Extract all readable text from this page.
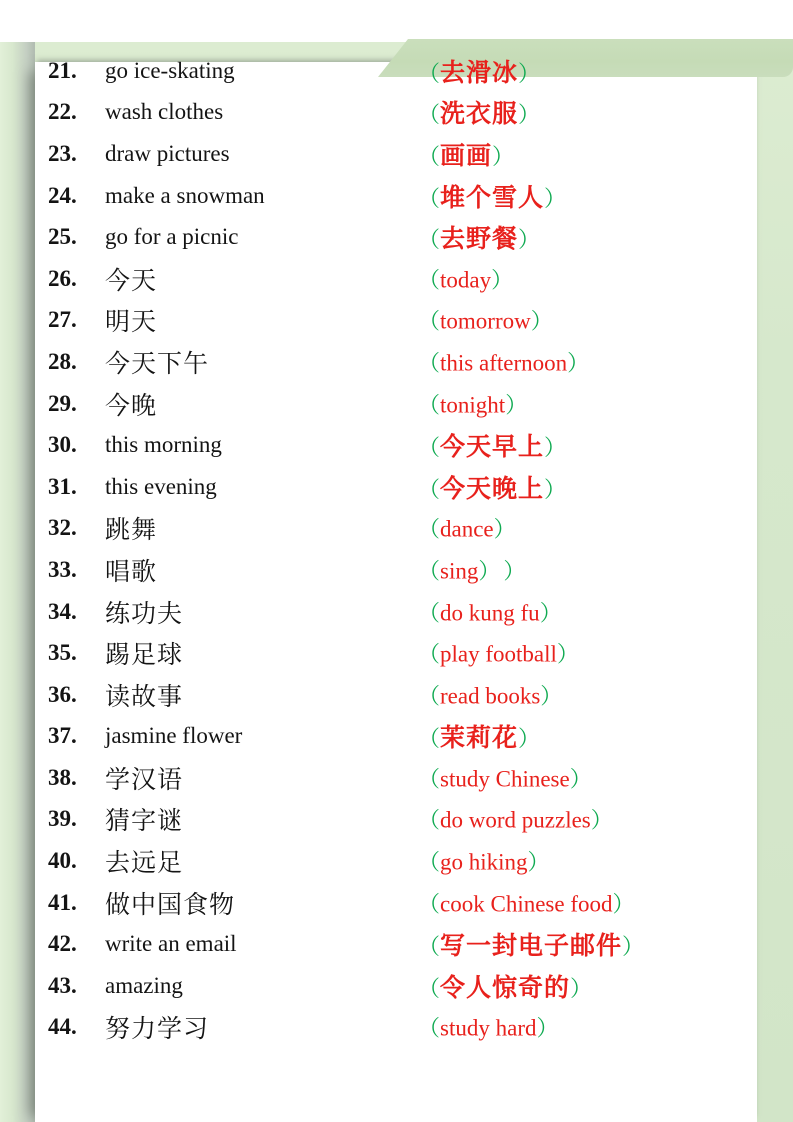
21.	go ice-skating	（去滑冰）
22.	wash clothes	（洗衣服）
23.	draw pictures	（画画）
24.	make a snowman	（堆个雪人）
25.	go for a picnic	（去野餐）
26.	今天	（today）
27.	明天	（tomorrow）
28.	今天下午	（this afternoon）
29.	今晚	（tonight）
30.	this morning	（今天早上）
31.	this evening	（今天晚上）
32.	跳舞	（dance）
33.	唱歌	（sing） ）
34.	练功夫	（do kung fu）
35.	踢足球	（play football）
36.	读故事	（read books）
37.	jasmine flower	（茉莉花）
38.	学汉语	（study Chinese）
39.	猜字谜	（do word puzzles）
40.	去远足	（go hiking）
41.	做中国食物	（cook Chinese food）
42.	write an email	（写一封电子邮件）
43.	amazing	（令人惊奇的）
44.	努力学习	（study hard）
